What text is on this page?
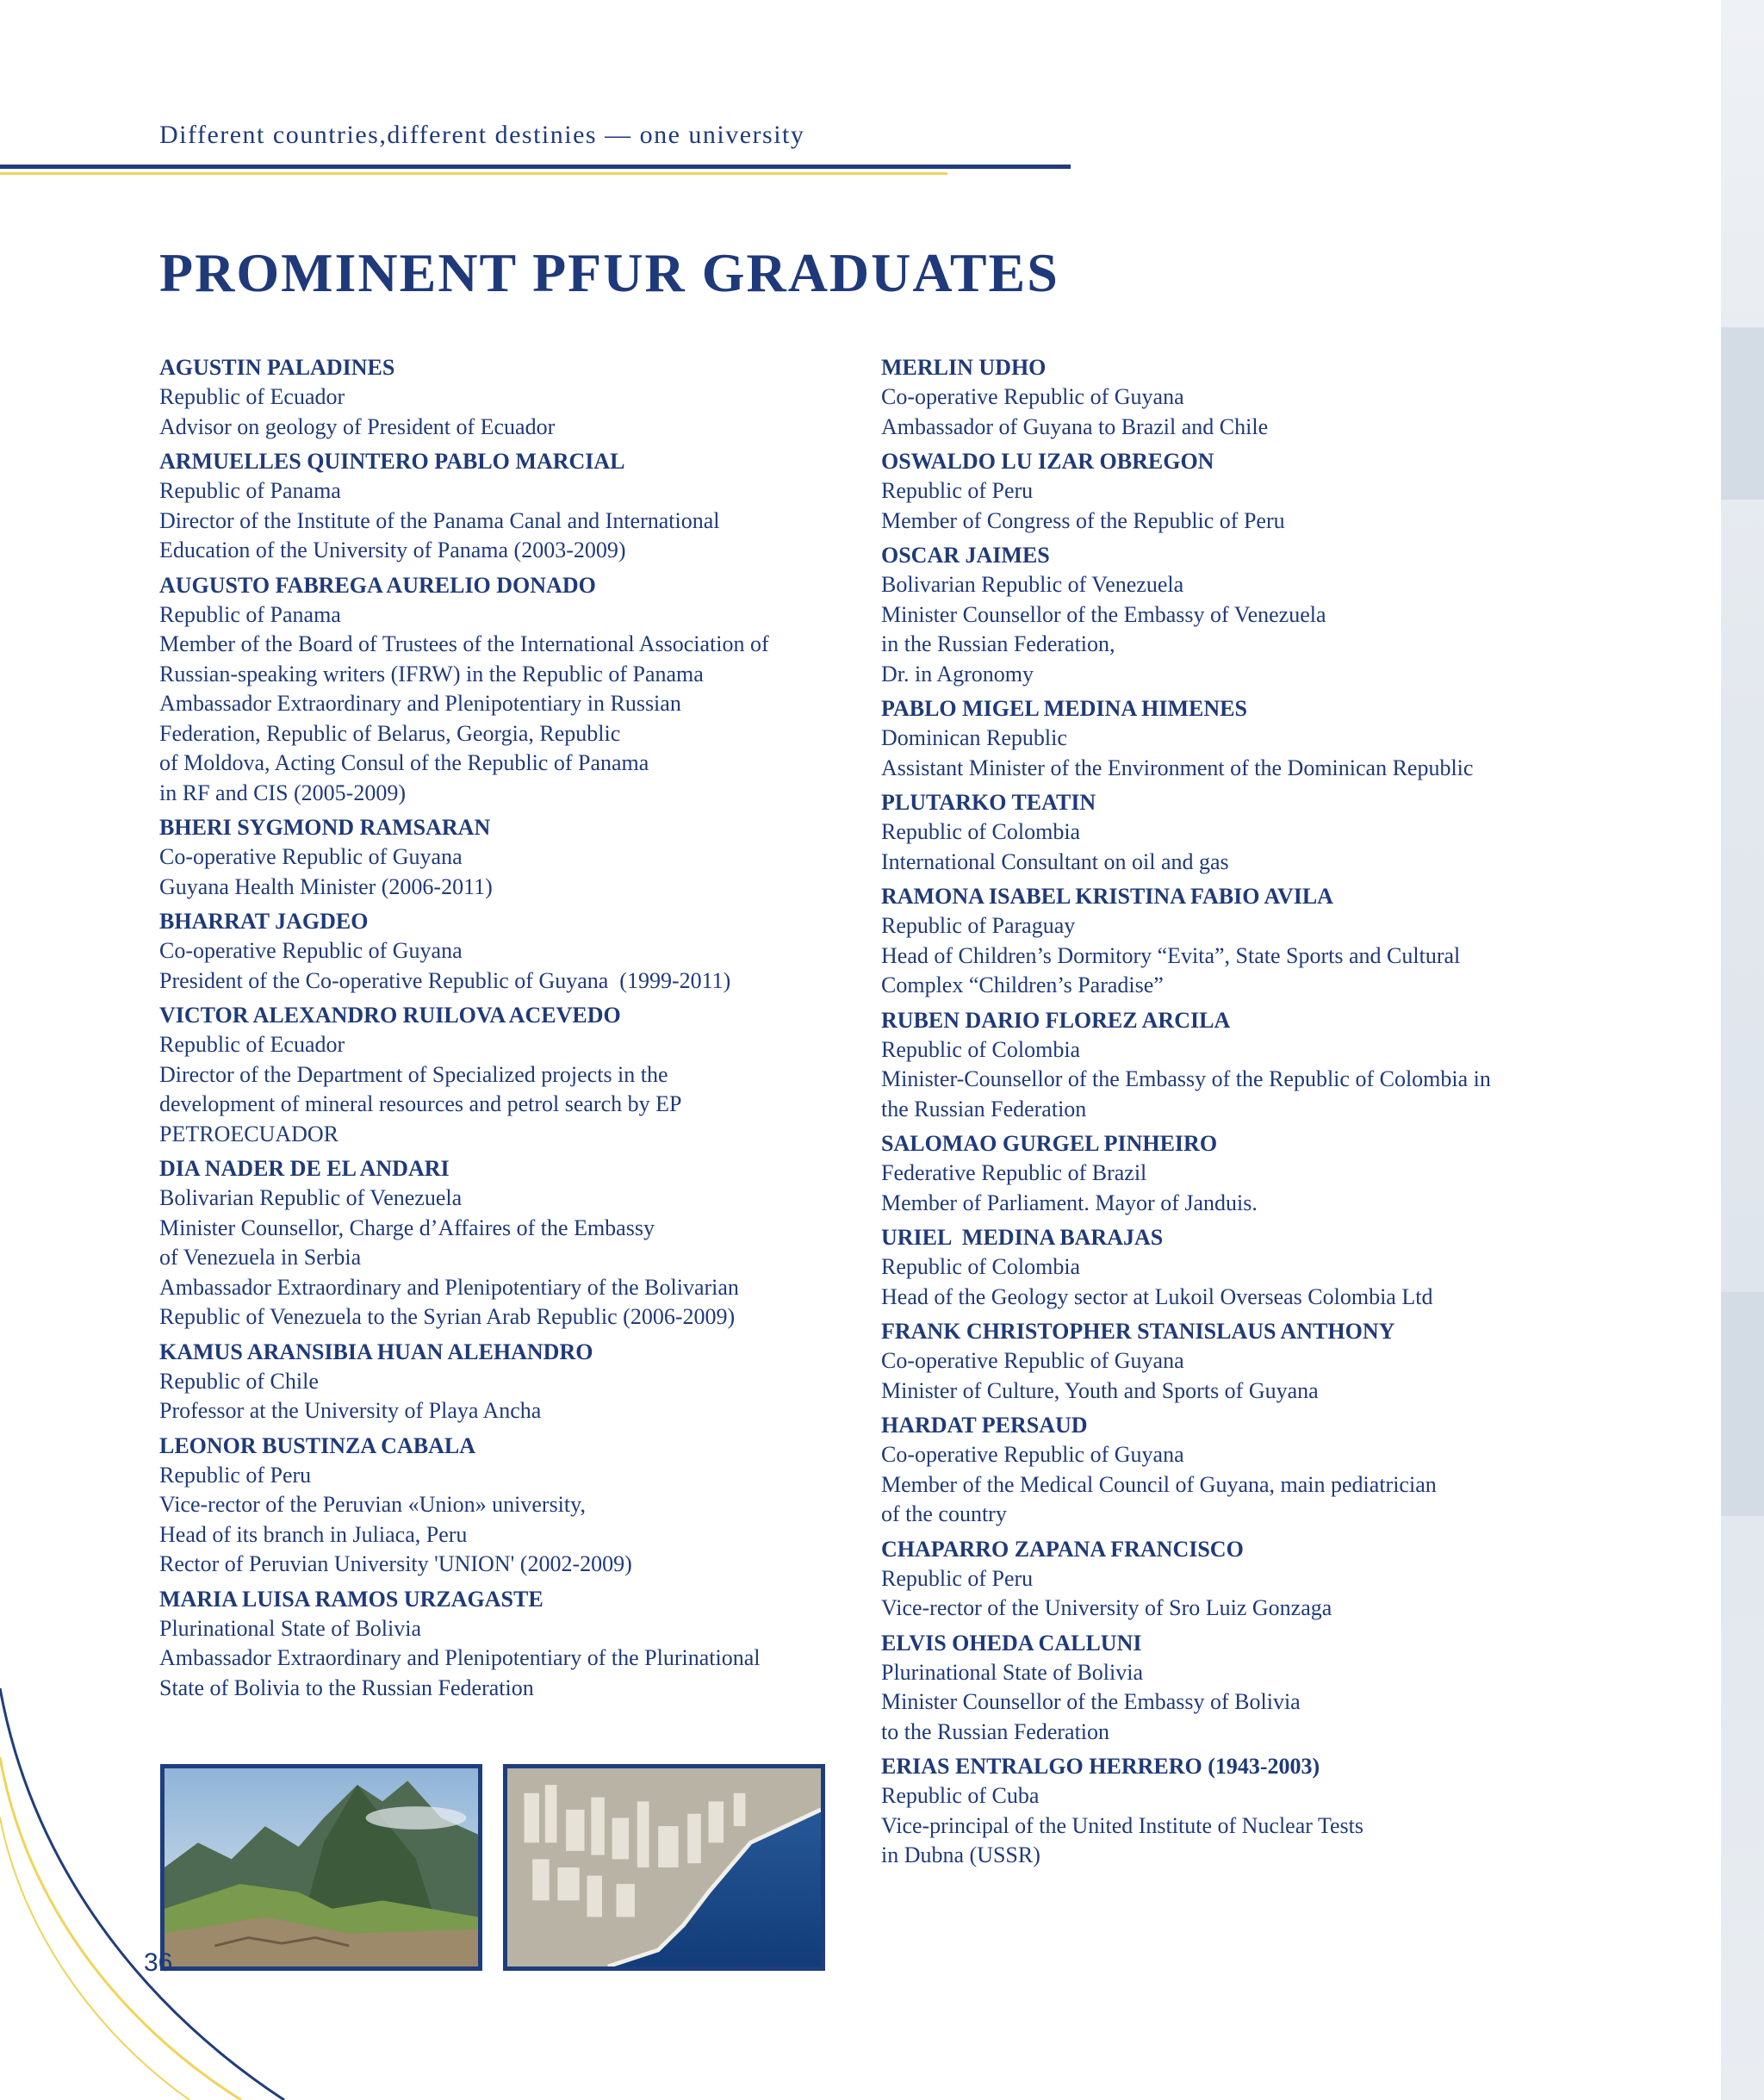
Different countries,different destinies — one university
PROMINENT PFUR GRADUATES
AGUSTIN PALADINES
Republic of Ecuador
Advisor on geology of President of Ecuador
ARMUELLES QUINTERO PABLO MARCIAL
Republic of Panama
Director of the Institute of the Panama Canal and International
Education of the University of Panama (2003-2009)
AUGUSTO FABREGA AURELIO DONADO
Republic of Panama
Member of the Board of Trustees of the International Association of
Russian-speaking writers (IFRW) in the Republic of Panama
Ambassador Extraordinary and Plenipotentiary in Russian
Federation, Republic of Belarus, Georgia, Republic
of Moldova, Acting Consul of the Republic of Panama
in RF and CIS (2005-2009)
BHERI SYGMOND RAMSARAN
Co-operative Republic of Guyana
Guyana Health Minister (2006-2011)
BHARRAT JAGDEO
Co-operative Republic of Guyana
President of the Co-operative Republic of Guyana  (1999-2011)
VICTOR ALEXANDRO RUILOVA ACEVEDO
Republic of Ecuador
Director of the Department of Specialized projects in the
development of mineral resources and petrol search by EP
PETROECUADOR
DIA NADER DE EL ANDARI
Bolivarian Republic of Venezuela
Minister Counsellor, Charge d’Affaires of the Embassy
of Venezuela in Serbia
Ambassador Extraordinary and Plenipotentiary of the Bolivarian
Republic of Venezuela to the Syrian Arab Republic (2006-2009)
KAMUS ARANSIBIA HUAN ALEHANDRO
Republic of Chile
Professor at the University of Playa Ancha
LEONOR BUSTINZA CABALA
Republic of Peru
Vice-rector of the Peruvian «Union» university,
Head of its branch in Juliaca, Peru
Rector of Peruvian University 'UNION' (2002-2009)
MARIA LUISA RAMOS URZAGASTE
Plurinational State of Bolivia
Ambassador Extraordinary and Plenipotentiary of the Plurinational
State of Bolivia to the Russian Federation
MERLIN UDHO
Co-operative Republic of Guyana
Ambassador of Guyana to Brazil and Chile
OSWALDO LU IZAR OBREGON
Republic of Peru
Member of Congress of the Republic of Peru
OSCAR JAIMES
Bolivarian Republic of Venezuela
Minister Counsellor of the Embassy of Venezuela
in the Russian Federation,
Dr. in Agronomy
PABLO MIGEL MEDINA HIMENES
Dominican Republic
Assistant Minister of the Environment of the Dominican Republic
PLUTARKO TEATIN
Republic of Colombia
International Consultant on oil and gas
RAMONA ISABEL KRISTINA FABIO AVILA
Republic of Paraguay
Head of Children’s Dormitory “Evita”, State Sports and Cultural
Complex “Children’s Paradise”
RUBEN DARIO FLOREZ ARCILA
Republic of Colombia
Minister-Counsellor of the Embassy of the Republic of Colombia in
the Russian Federation
SALOMAO GURGEL PINHEIRO
Federative Republic of Brazil
Member of Parliament. Mayor of Janduis.
URIEL  MEDINA BARAJAS
Republic of Colombia
Head of the Geology sector at Lukoil Overseas Colombia Ltd
FRANK CHRISTOPHER STANISLAUS ANTHONY
Co-operative Republic of Guyana
Minister of Culture, Youth and Sports of Guyana
HARDAT PERSAUD
Co-operative Republic of Guyana
Member of the Medical Council of Guyana, main pediatrician
of the country
CHAPARRO ZAPANA FRANCISCO
Republic of Peru
Vice-rector of the University of Sro Luiz Gonzaga
ELVIS OHEDA CALLUNI
Plurinational State of Bolivia
Minister Counsellor of the Embassy of Bolivia
to the Russian Federation
ERIAS ENTRALGO HERRERO (1943-2003)
Republic of Cuba
Vice-principal of the United Institute of Nuclear Tests
in Dubna (USSR)
36
